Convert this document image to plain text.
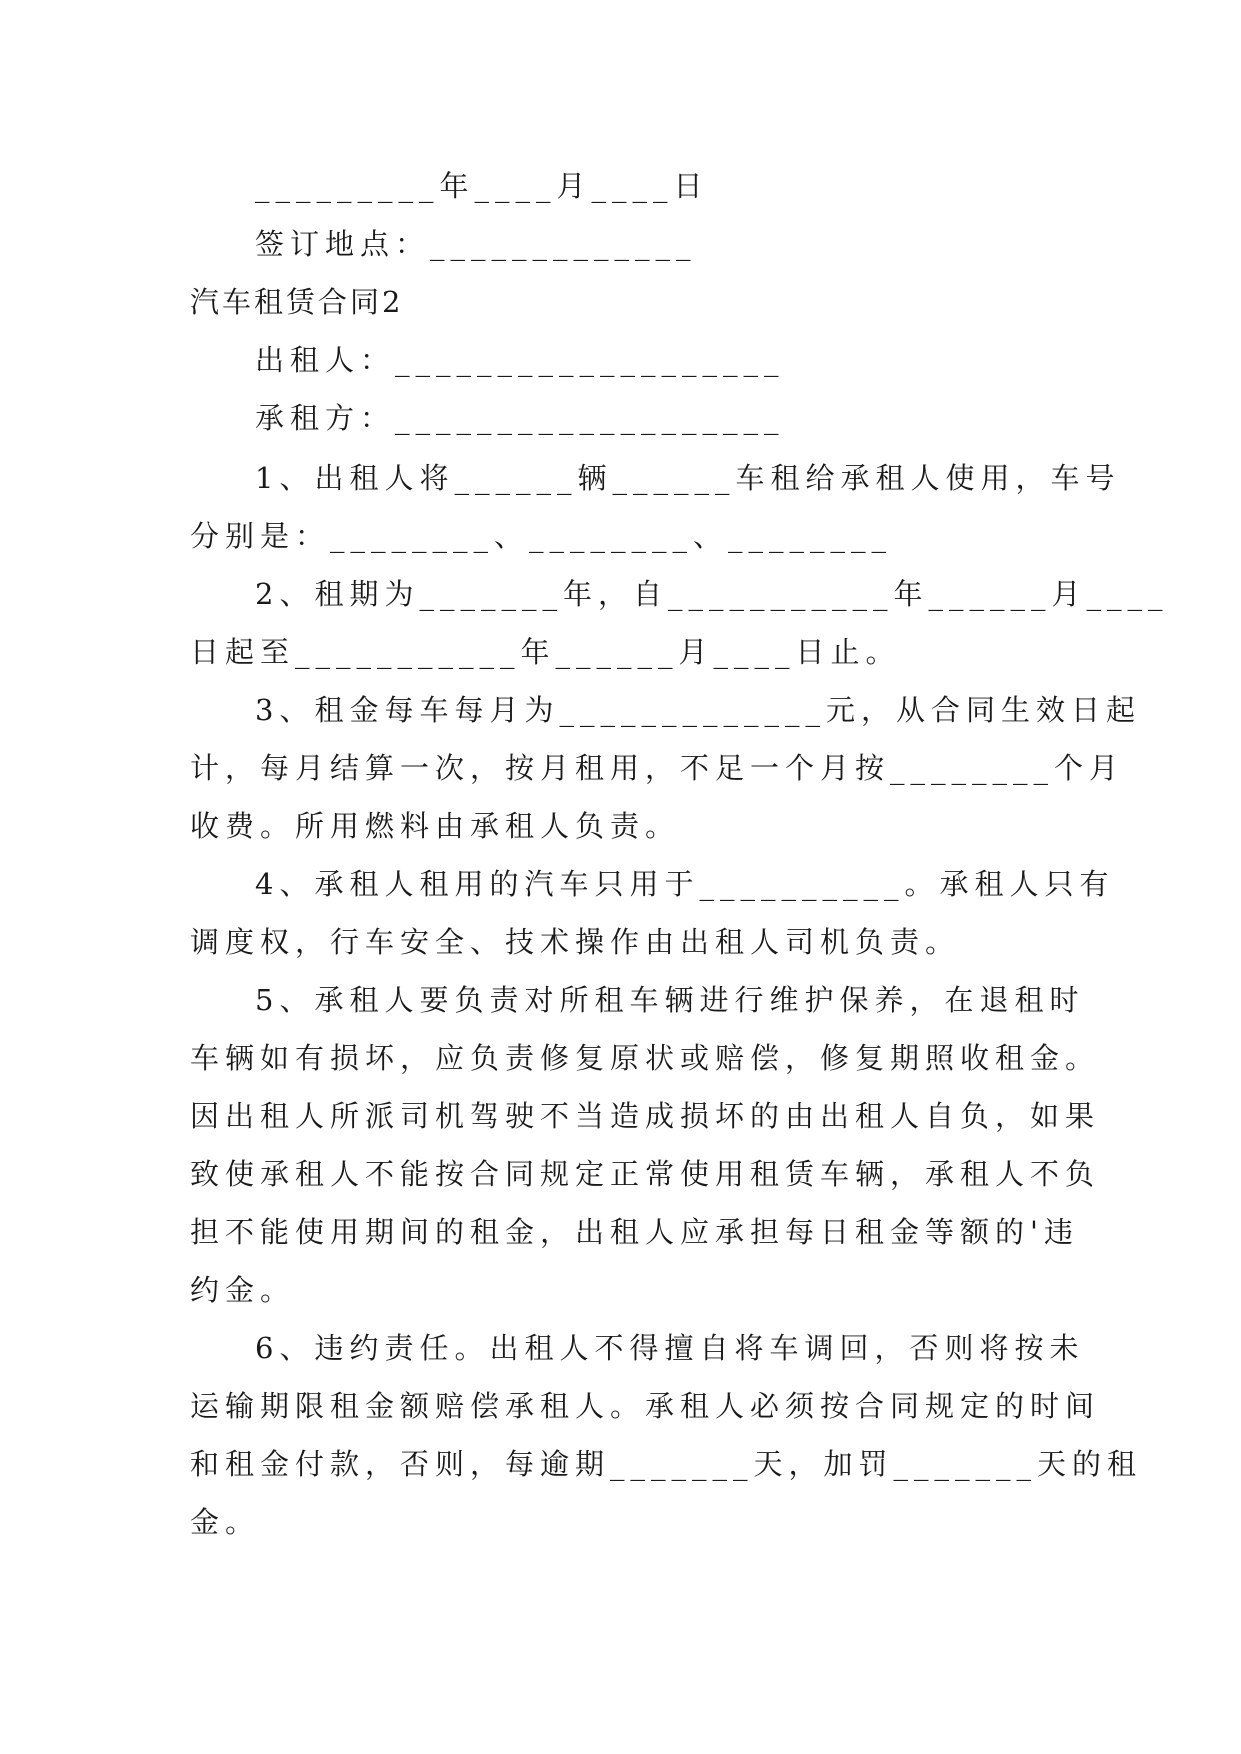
_________年____月____日

签订地点：_____________

汽车租赁合同2

出租人：___________________

承租方：___________________

1、出租人将______辆______车租给承租人使用，车号

分别是：________、________、________

2、租期为_______年，自___________年______月____

日起至___________年______月____日止。

3、租金每车每月为_____________元，从合同生效日起

计，每月结算一次，按月租用，不足一个月按________个月

收费。所用燃料由承租人负责。

4、承租人租用的汽车只用于__________。承租人只有

调度权，行车安全、技术操作由出租人司机负责。

5、承租人要负责对所租车辆进行维护保养，在退租时

车辆如有损坏，应负责修复原状或赔偿，修复期照收租金。

因出租人所派司机驾驶不当造成损坏的由出租人自负，如果

致使承租人不能按合同规定正常使用租赁车辆，承租人不负

担不能使用期间的租金，出租人应承担每日租金等额的'违

约金。

6、违约责任。出租人不得擅自将车调回，否则将按未

运输期限租金额赔偿承租人。承租人必须按合同规定的时间

和租金付款，否则，每逾期_______天，加罚_______天的租

金。
